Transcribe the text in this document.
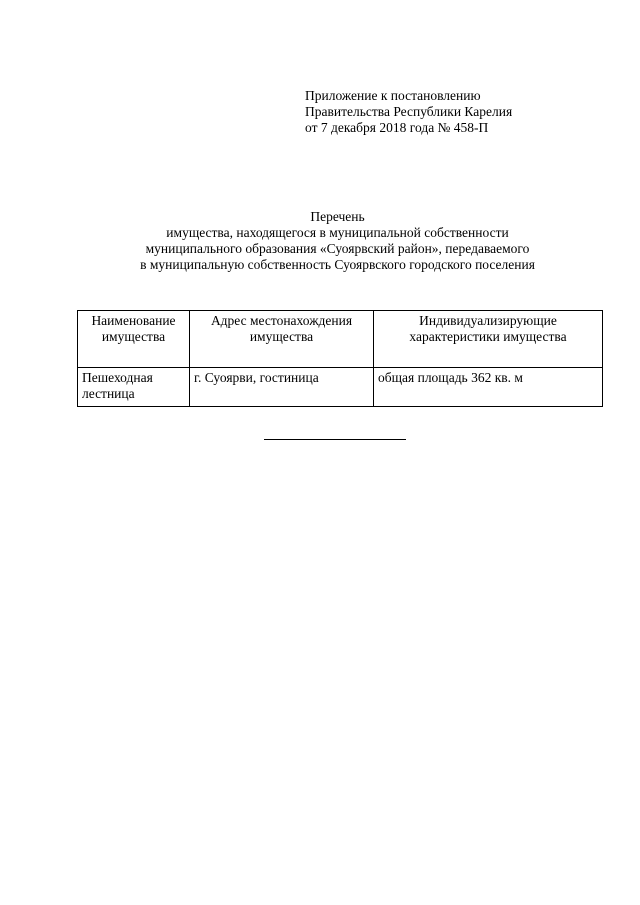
Приложение к постановлению
Правительства Республики Карелия
от 7 декабря 2018 года № 458-П
Перечень
имущества, находящегося в муниципальной собственности
муниципального образования «Суоярвский район», передаваемого
в муниципальную собственность Суоярвского городского поселения
Наименование имущества	Адрес местонахождения имущества	Индивидуализирующие характеристики имущества
Пешеходная лестница	г. Суоярви, гостиница	общая площадь 362 кв. м
